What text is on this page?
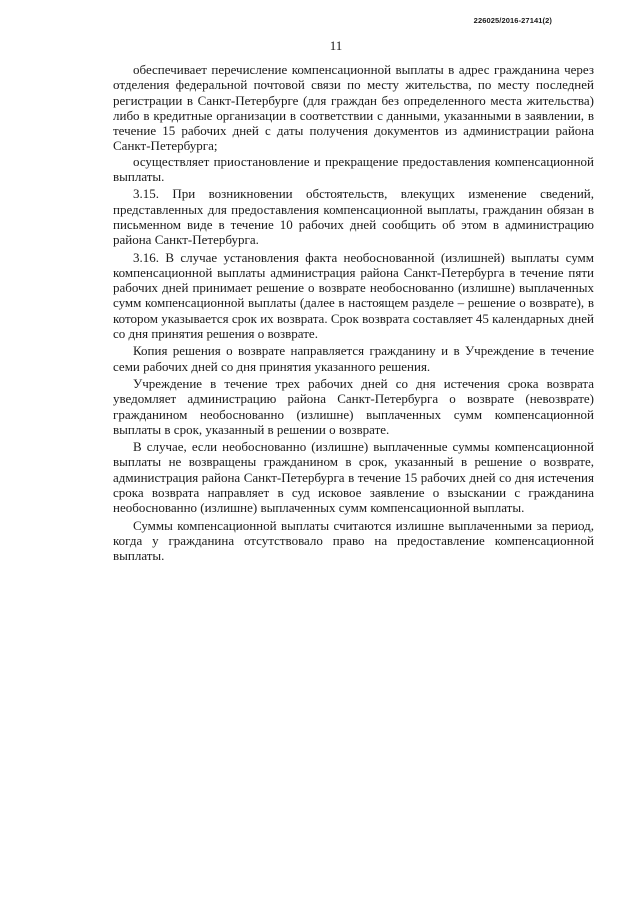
226025/2016-27141(2)
11

обеспечивает перечисление компенсационной выплаты в адрес гражданина через отделения федеральной почтовой связи по месту жительства, по месту последней регистрации в Санкт-Петербурге (для граждан без определенного места жительства) либо в кредитные организации в соответствии с данными, указанными в заявлении, в течение 15 рабочих дней с даты получения документов из администрации района Санкт-Петербурга;

осуществляет приостановление и прекращение предоставления компенсационной выплаты.

3.15. При возникновении обстоятельств, влекущих изменение сведений, представленных для предоставления компенсационной выплаты, гражданин обязан в письменном виде в течение 10 рабочих дней сообщить об этом в администрацию района Санкт-Петербурга.

3.16. В случае установления факта необоснованной (излишней) выплаты сумм компенсационной выплаты администрация района Санкт-Петербурга в течение пяти рабочих дней принимает решение о возврате необоснованно (излишне) выплаченных сумм компенсационной выплаты (далее в настоящем разделе – решение о возврате), в котором указывается срок их возврата. Срок возврата составляет 45 календарных дней со дня принятия решения о возврате.

Копия решения о возврате направляется гражданину и в Учреждение в течение семи рабочих дней со дня принятия указанного решения.

Учреждение в течение трех рабочих дней со дня истечения срока возврата уведомляет администрацию района Санкт-Петербурга о возврате (невозврате) гражданином необоснованно (излишне) выплаченных сумм компенсационной выплаты в срок, указанный в решении о возврате.

В случае, если необоснованно (излишне) выплаченные суммы компенсационной выплаты не возвращены гражданином в срок, указанный в решение о возврате, администрация района Санкт-Петербурга в течение 15 рабочих дней со дня истечения срока возврата направляет в суд исковое заявление о взыскании с гражданина необоснованно (излишне) выплаченных сумм компенсационной выплаты.

Суммы компенсационной выплаты считаются излишне выплаченными за период, когда у гражданина отсутствовало право на предоставление компенсационной выплаты.
